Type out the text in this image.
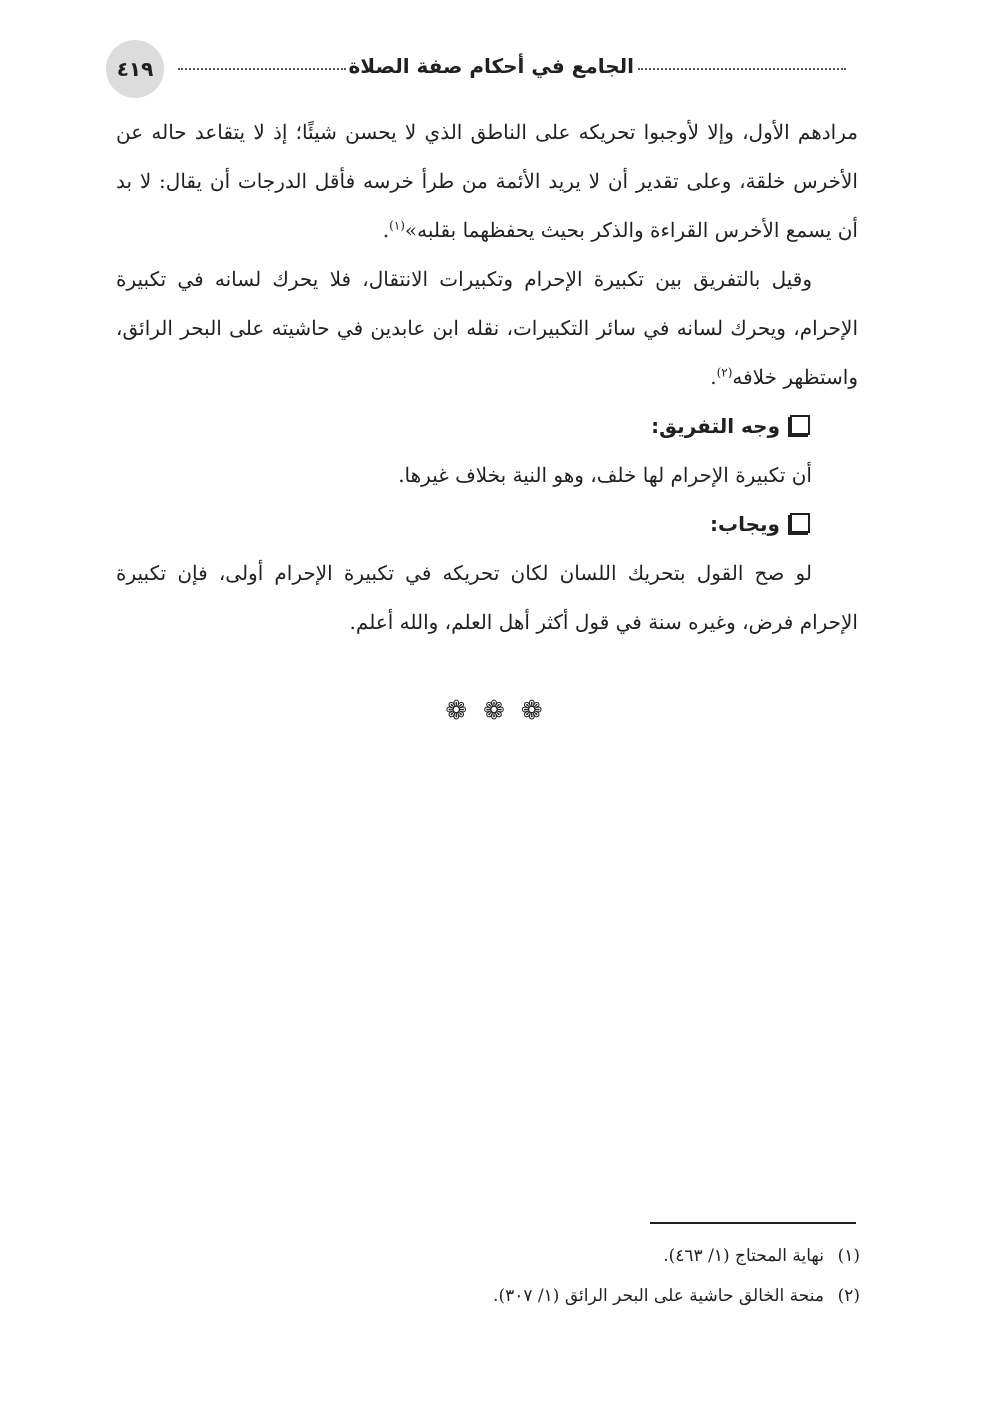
الجامع في أحكام صفة الصلاة
٤١٩

مرادهم الأول، وإلا لأوجبوا تحريكه على الناطق الذي لا يحسن شيئًا؛ إذ لا يتقاعد حاله عن الأخرس خلقة، وعلى تقدير أن لا يريد الأئمة من طرأ خرسه فأقل الدرجات أن يقال: لا بد أن يسمع الأخرس القراءة والذكر بحيث يحفظهما بقلبه»$^{(١)}$.

وقيل بالتفريق بين تكبيرة الإحرام وتكبيرات الانتقال، فلا يحرك لسانه في تكبيرة الإحرام، ويحرك لسانه في سائر التكبيرات، نقله ابن عابدين في حاشيته على البحر الرائق، واستظهر خلافه$^{(٢)}$.

وجه التفريق:

أن تكبيرة الإحرام لها خلف، وهو النية بخلاف غيرها.

ويجاب:

لو صح القول بتحريك اللسان لكان تحريكه في تكبيرة الإحرام أولى، فإن تكبيرة الإحرام فرض، وغيره سنة في قول أكثر أهل العلم، والله أعلم.

❁❁❁

(١)نهاية المحتاج (١/ ٤٦٣).

(٢)منحة الخالق حاشية على البحر الرائق (١/ ٣٠٧).
